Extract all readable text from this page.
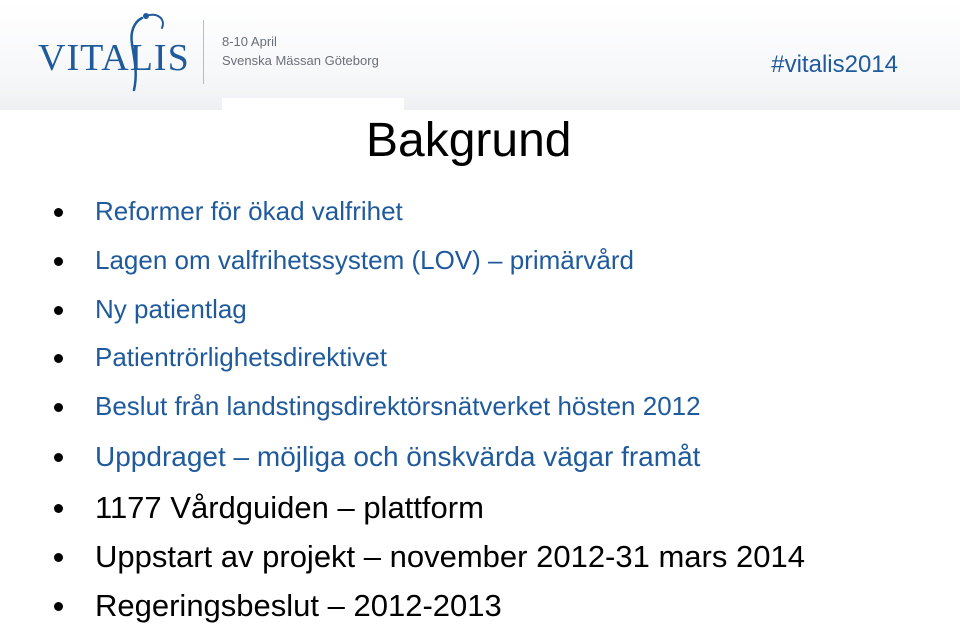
VITALIS 8-10 April
Svenska Mässan Göteborg	#vitalis2014
Bakgrund
Reformer för ökad valfrihet
Lagen om valfrihetssystem (LOV) – primärvård
Ny patientlag
Patientrörlighetsdirektivet
Beslut från landstingsdirektörsnätverket hösten 2012
Uppdraget – möjliga och önskvärda vägar framåt
1177 Vårdguiden – plattform
Uppstart av projekt – november 2012-31 mars 2014
Regeringsbeslut – 2012-2013
